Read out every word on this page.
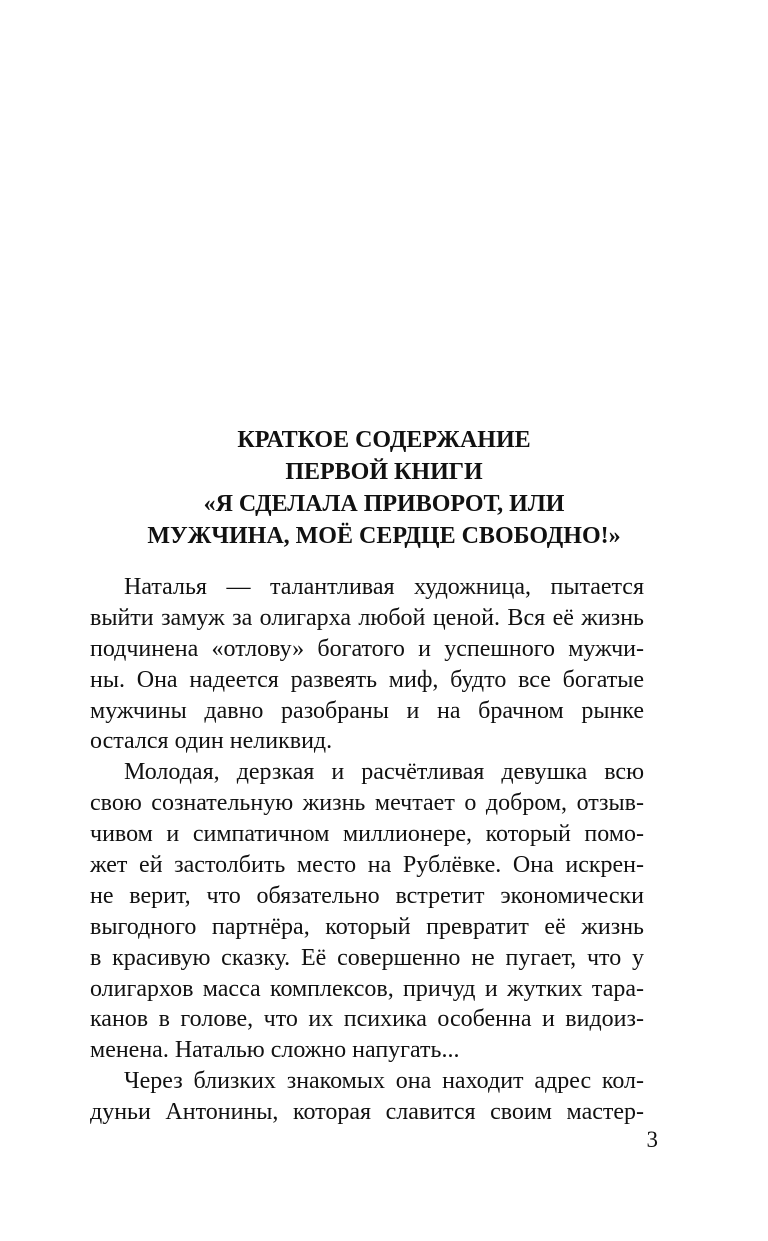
КРАТКОЕ СОДЕРЖАНИЕ
ПЕРВОЙ КНИГИ
«Я СДЕЛАЛА ПРИВОРОТ, ИЛИ
МУЖЧИНА, МОЁ СЕРДЦЕ СВОБОДНО!»
Наталья — талантливая художница, пытается
выйти замуж за олигарха любой ценой. Вся её жизнь
подчинена «отлову» богатого и успешного мужчи-
ны. Она надеется развеять миф, будто все богатые
мужчины давно разобраны и на брачном рынке
остался один неликвид.
Молодая, дерзкая и расчётливая девушка всю
свою сознательную жизнь мечтает о добром, отзыв-
чивом и симпатичном миллионере, который помо-
жет ей застолбить место на Рублёвке. Она искрен-
не верит, что обязательно встретит экономически
выгодного партнёра, который превратит её жизнь
в красивую сказку. Её совершенно не пугает, что у
олигархов масса комплексов, причуд и жутких тара-
канов в голове, что их психика особенна и видоиз-
менена. Наталью сложно напугать...
Через близких знакомых она находит адрес кол-
дуньи Антонины, которая славится своим мастер-
3
